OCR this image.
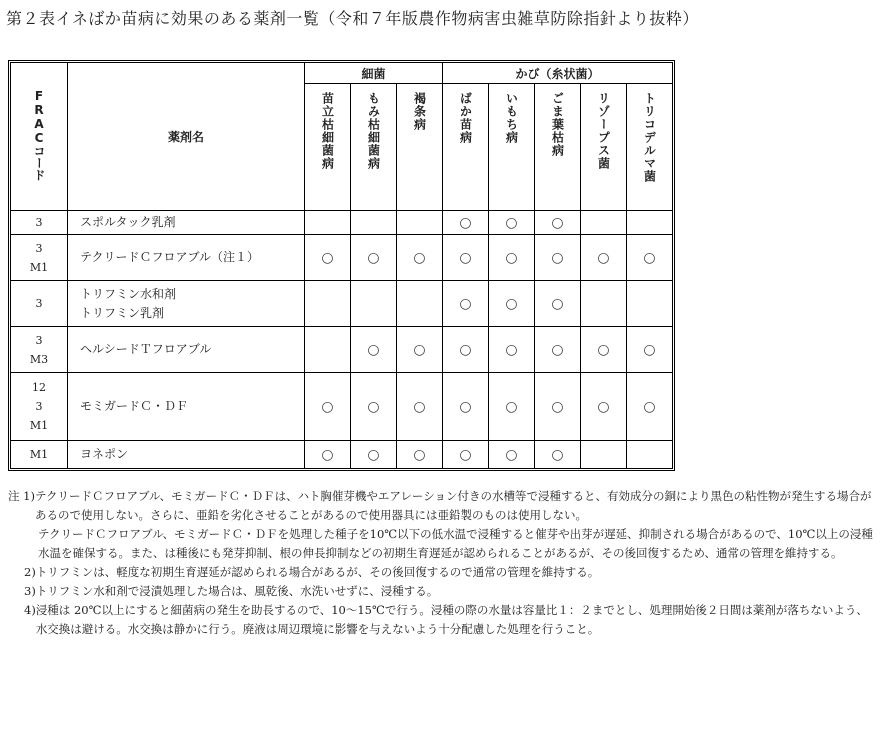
第２表イネばか苗病に効果のある薬剤一覧（令和７年版農作物病害虫雑草防除指針より抜粋）
FRACコード	薬剤名	細菌			かび（糸状菌）				
		苗立枯細菌病	もみ枯細菌病	褐条病	ばか苗病	いもち病	ごま葉枯病	リゾープス菌	トリコデルマ菌

3	スポルタック乳剤				○	○	○		

3
M1	テクリードＣフロアブル（注１）	○	○	○	○	○	○	○	○

3	トリフミン水和剤
トリフミン乳剤				○	○	○		

3
M3	ヘルシードＴフロアブル		○	○	○	○	○	○	○

12
3
M1	モミガードＣ・ＤＦ	○	○	○	○	○	○	○	○

M1	ヨネポン	○	○	○	○	○	○		
注 1) テクリードＣフロアブル、モミガードＣ・ＤＦは、ハト胸催芽機やエアレーション付きの水槽等で浸種すると、有効成分の銅により黒色の粘性物が発生する場合があるので使用しない。さらに、亜鉛を劣化させることがあるので使用器具には亜鉛製のものは使用しない。
テクリードＣフロアブル、モミガードＣ・ＤＦを処理した種子を10℃以下の低水温で浸種すると催芽や出芽が遅延、抑制される場合があるので、10℃以上の浸種水温を確保する。また、は種後にも発芽抑制、根の伸長抑制などの初期生育遅延が認められることがあるが、その後回復するため、通常の管理を維持する。
2) トリフミンは、軽度な初期生育遅延が認められる場合があるが、その後回復するので通常の管理を維持する。
3) トリフミン水和剤で浸漬処理した場合は、風乾後、水洗いせずに、浸種する。
4) 浸種は 20℃以上にすると細菌病の発生を助長するので、10～15℃で行う。浸種の際の水量は容量比１：２までとし、処理開始後２日間は薬剤が落ちないよう、水交換は避ける。水交換は静かに行う。廃液は周辺環境に影響を与えないよう十分配慮した処理を行うこと。
